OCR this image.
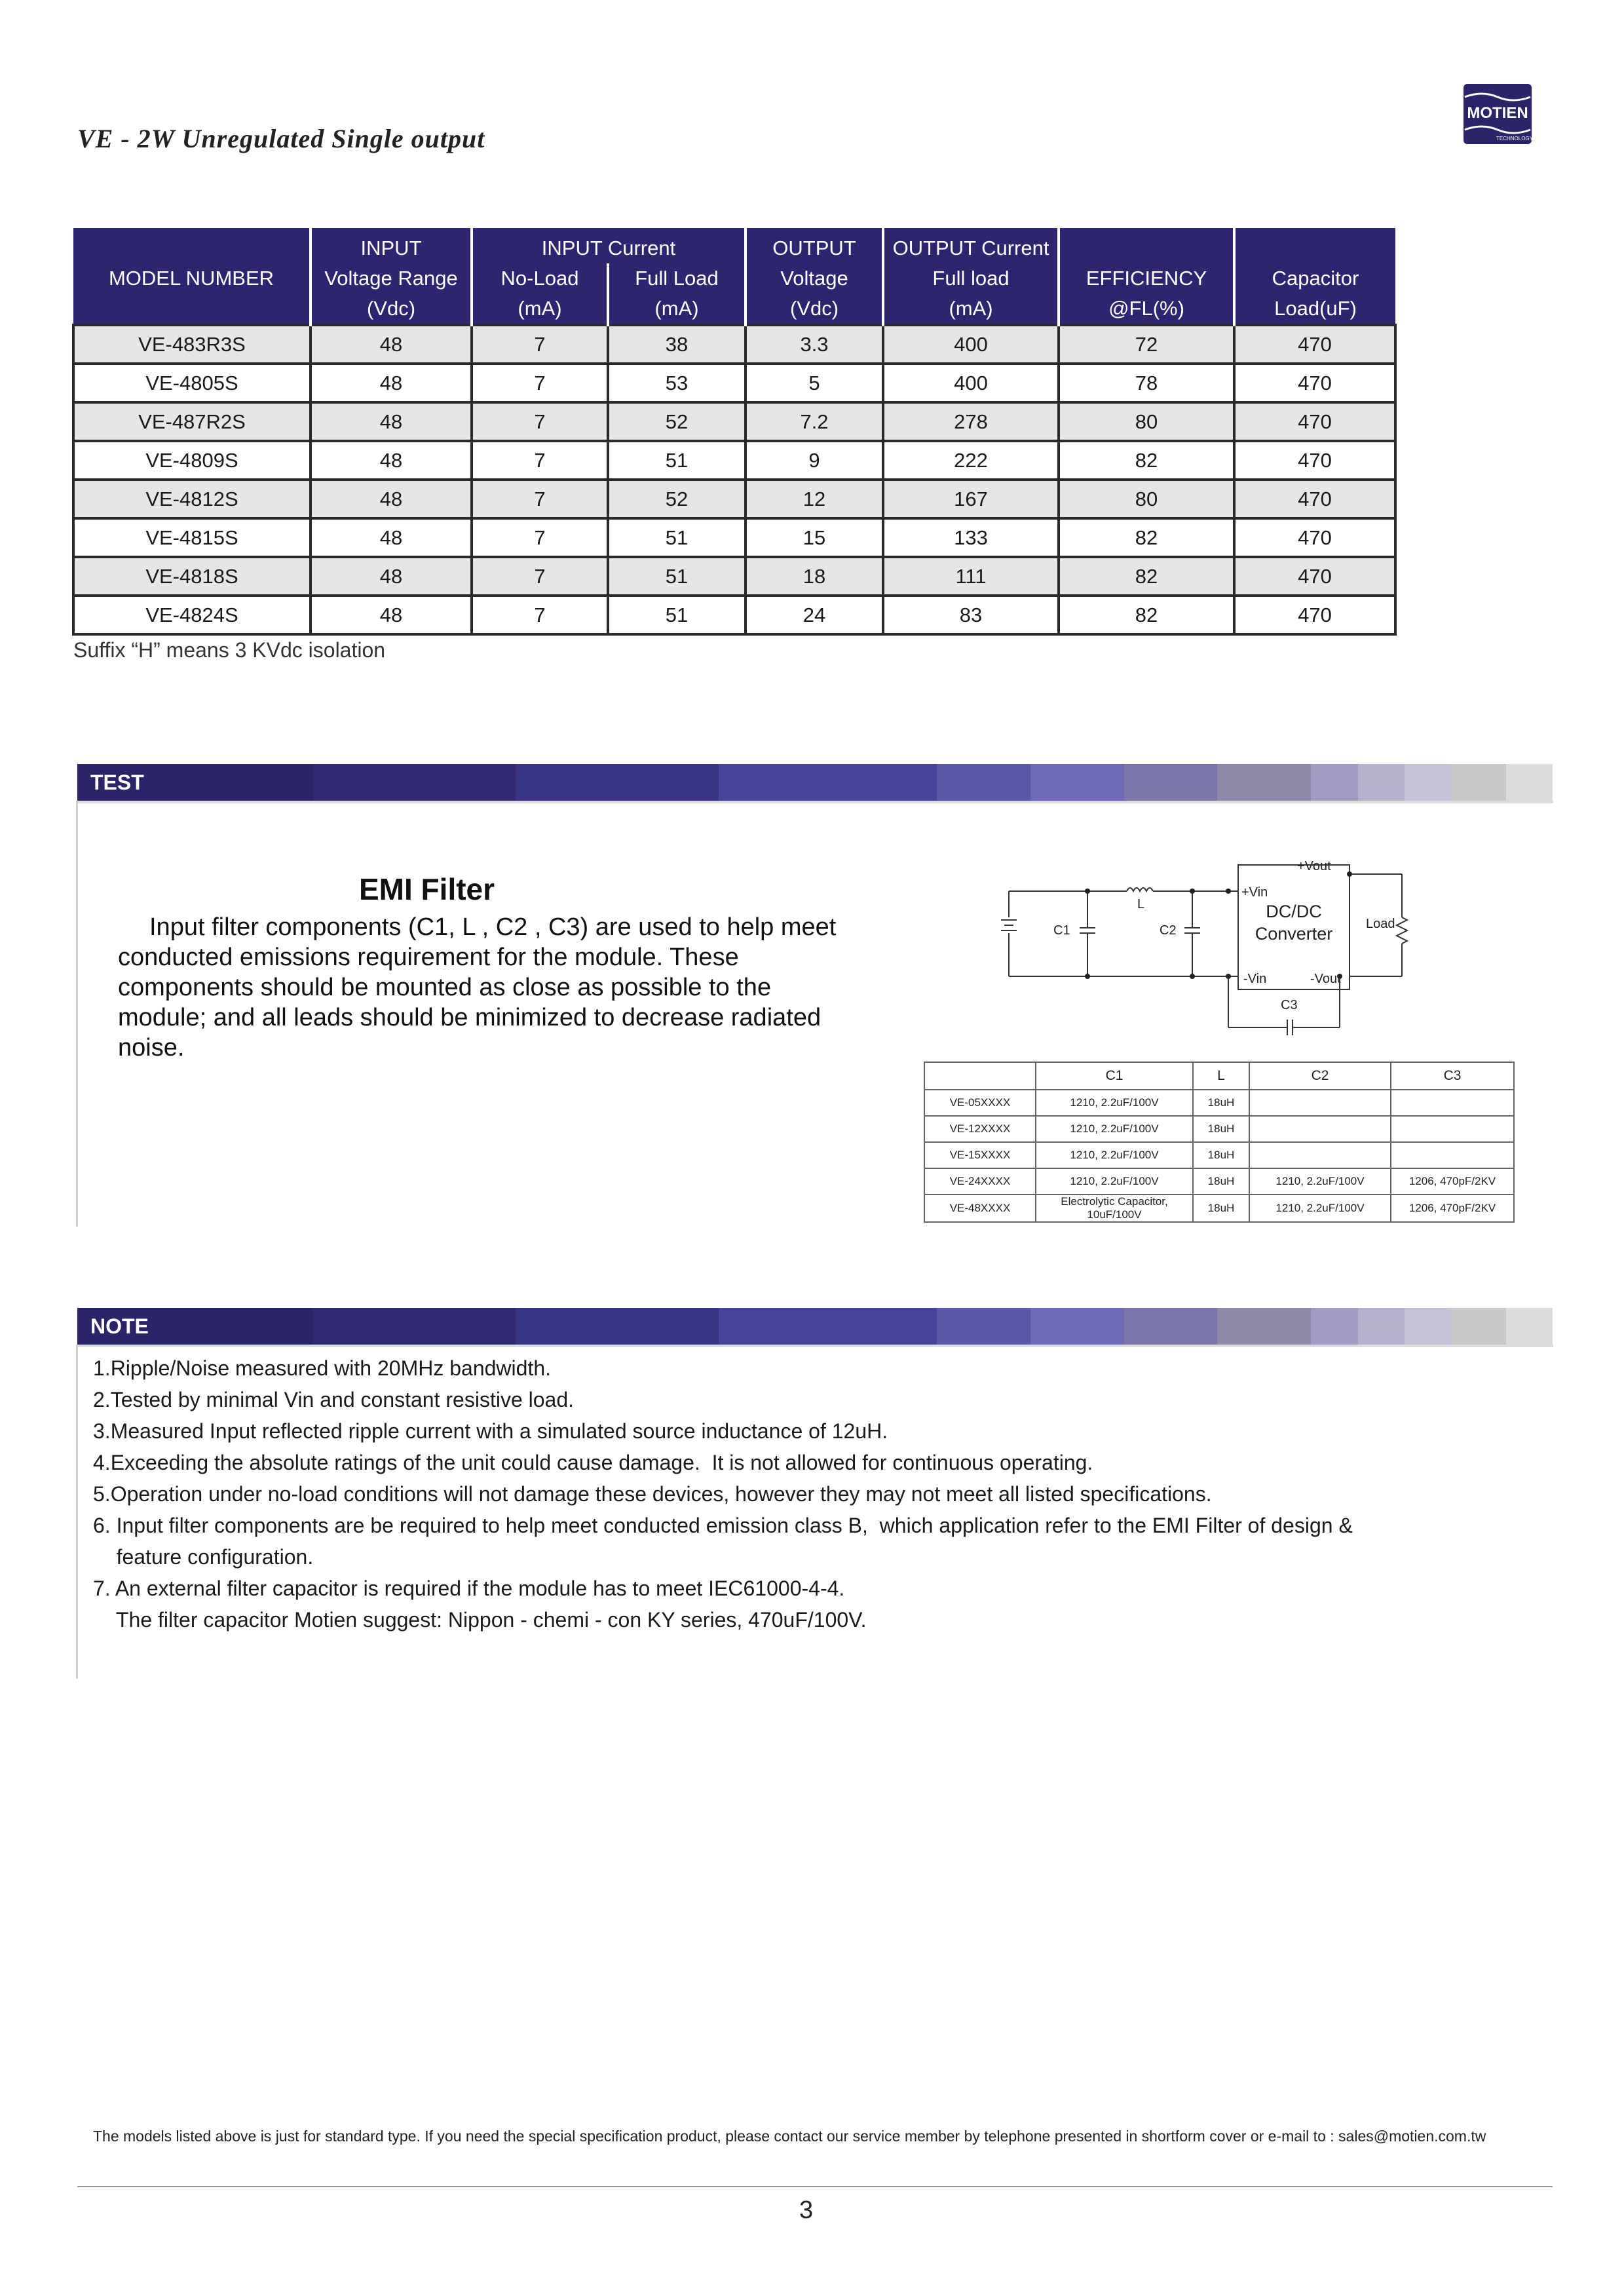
VE - 2W Unregulated Single output
MOTIEN
TECHNOLOGY
	INPUT	INPUT Current		OUTPUT	OUTPUT Current		
MODEL NUMBER	Voltage Range	No-Load	Full Load	Voltage	Full load	EFFICIENCY	Capacitor
	(Vdc)	(mA)	(mA)	(Vdc)	(mA)	@FL(%)	Load(uF)
VE-483R3S	48	7	38	3.3	400	72	470
VE-4805S	48	7	53	5	400	78	470
VE-487R2S	48	7	52	7.2	278	80	470
VE-4809S	48	7	51	9	222	82	470
VE-4812S	48	7	52	12	167	80	470
VE-4815S	48	7	51	15	133	82	470
VE-4818S	48	7	51	18	111	82	470
VE-4824S	48	7	51	24	83	82	470
Suffix “H” means 3 KVdc isolation
TEST CONFIGURATIONS
EMI Filter
Input filter components (C1, L , C2 , C3) are used to help meet conducted emissions requirement for the module. These components should be mounted as close as possible to the module; and all leads should be minimized to decrease radiated noise.
+Vout
+Vin
DC/DC
Converter
-Vin	-Vout
Load
C1	C2
C3
L
	C1	L	C2	C3
VE-05XXXX	1210, 2.2uF/100V	18uH		
VE-12XXXX	1210, 2.2uF/100V	18uH		
VE-15XXXX	1210, 2.2uF/100V	18uH		
VE-24XXXX	1210, 2.2uF/100V	18uH	1210, 2.2uF/100V	1206, 470pF/2KV
VE-48XXXX	Electrolytic Capacitor, 10uF/100V	18uH	1210, 2.2uF/100V	1206, 470pF/2KV
NOTE
1.Ripple/Noise measured with 20MHz bandwidth.
2.Tested by minimal Vin and constant resistive load.
3.Measured Input reflected ripple current with a simulated source inductance of 12uH.
4.Exceeding the absolute ratings of the unit could cause damage.  It is not allowed for continuous operating.
5.Operation under no-load conditions will not damage these devices, however they may not meet all listed specifications.
6. Input filter components are be required to help meet conducted emission class B,  which application refer to the EMI Filter of design &
feature configuration.
7. An external filter capacitor is required if the module has to meet IEC61000-4-4.
The filter capacitor Motien suggest: Nippon - chemi - con KY series, 470uF/100V.
The models listed above is just for standard type. If you need the special specification product, please contact our service member by telephone presented in shortform cover or e-mail to : sales@motien.com.tw
3
